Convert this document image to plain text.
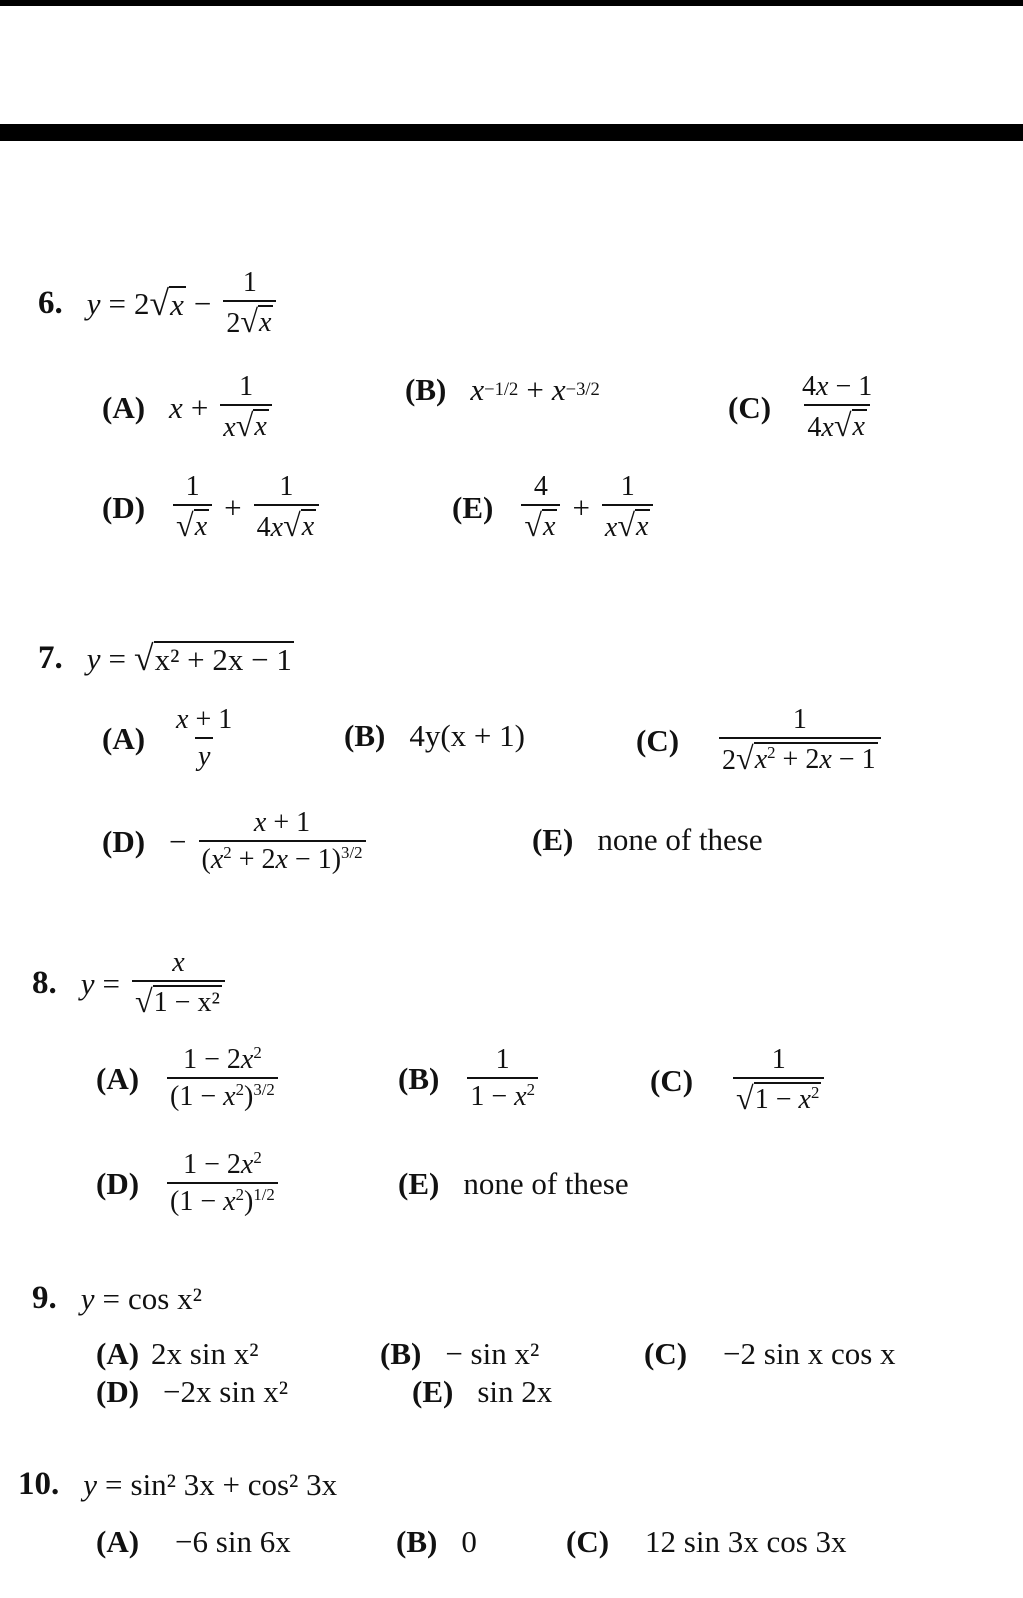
6. y = 2 √ $x - \frac{1}{2 √ x}$
(A) $x + \frac{1}{x √ x}$	(B) x −1/2 + x −3/2
$(C) \frac{4x - 1}{4x √ x}$
$(D) \frac{1}{√ x} + \frac{1}{4x √ x}$	$(E) \frac{4}{√ x} + \frac{1}{x √ x}$
7. y = √ x² + 2x − 1
$(A) \frac{x + 1}{y}$	(B) 4y(x + 1)	$(C) \frac{1}{2 √ x^2 + 2x - 1}$
$(D) - \frac{x + 1}{(x^2 + 2x - 1)^{3/2}}$	(E) none of these
8. $y = \frac{x}{\text{√ 1 − x²}}$
$(A) \frac{1 - 2x^2}{(1 - x^2)^{3/2}}$	$(B) \frac{1}{1 - x^2}$	$(C) \frac{1}{√ 1 - x^2}$
$(D) \frac{1 - 2x^2}{(1 - x^2)^{1/2}}$	(E) none of these
9. y = cos x²
(A) 2x sin x²	(B) − sin x²	(C) −2 sin x cos x
(D) −2x sin x²	(E) sin 2x
10. y = sin² 3x + cos² 3x
(A) −6 sin 6x	(B) 0	(C) 12 sin 3x cos 3x
